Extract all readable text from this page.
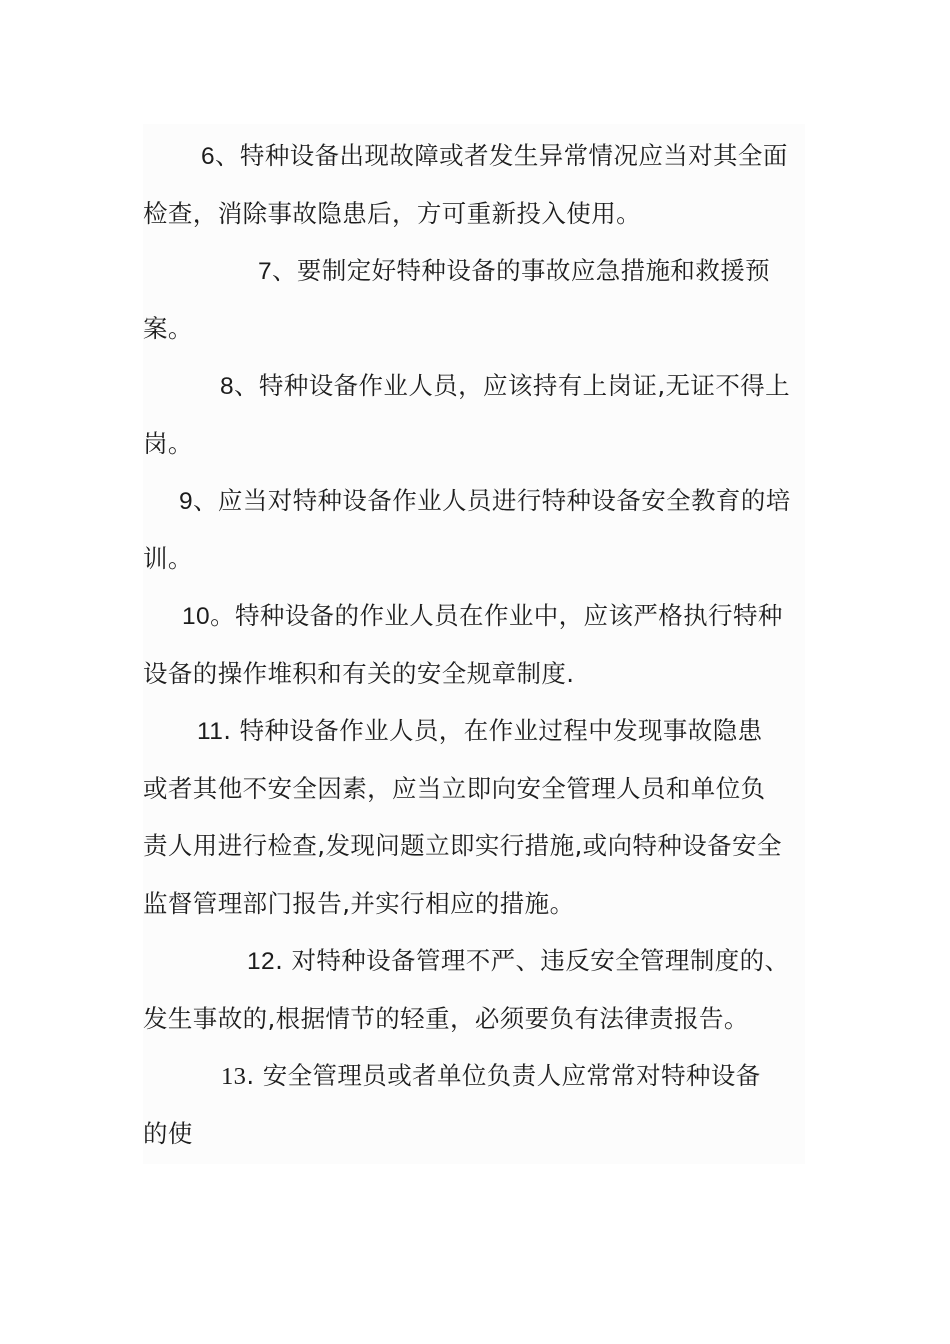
6、特种设备出现故障或者发生异常情况应当对其全面
检查，消除事故隐患后，方可重新投入使用。
7、要制定好特种设备的事故应急措施和救援预
案。
8、特种设备作业人员，应该持有上岗证,无证不得上
岗。
9、应当对特种设备作业人员进行特种设备安全教育的培
训。
10。特种设备的作业人员在作业中，应该严格执行特种
设备的操作堆积和有关的安全规章制度.
11. 特种设备作业人员，在作业过程中发现事故隐患
或者其他不安全因素，应当立即向安全管理人员和单位负
责人用进行检查,发现问题立即实行措施,或向特种设备安全
监督管理部门报告,并实行相应的措施。
12. 对特种设备管理不严、违反安全管理制度的、
发生事故的,根据情节的轻重，必须要负有法律责报告。
13. 安全管理员或者单位负责人应常常对特种设备
的使
